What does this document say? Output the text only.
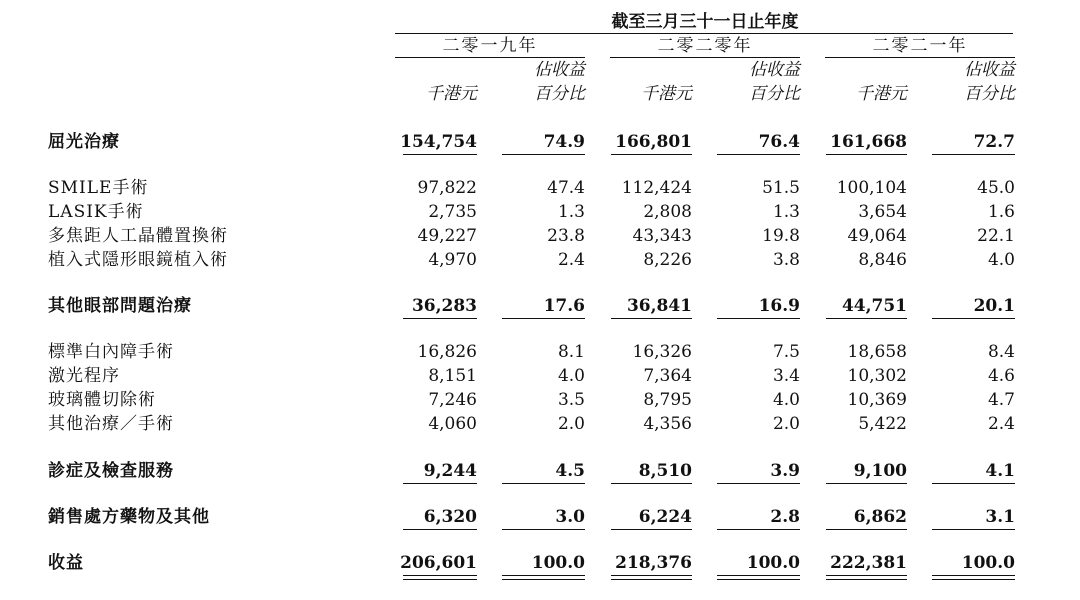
截至三月三十一日止年度
二零一九年	二零二零年	二零二一年
佔收益	佔收益	佔收益
千港元	百分比	千港元	百分比	千港元	百分比
屈光治療	154,754	74.9	166,801	76.4	161,668	72.7
SMILE手術	97,822	47.4	112,424	51.5	100,104	45.0
LASIK手術	2,735	1.3	2,808	1.3	3,654	1.6
多焦距人工晶體置換術	49,227	23.8	43,343	19.8	49,064	22.1
植入式隱形眼鏡植入術	4,970	2.4	8,226	3.8	8,846	4.0
其他眼部問題治療	36,283	17.6	36,841	16.9	44,751	20.1
標準白內障手術	16,826	8.1	16,326	7.5	18,658	8.4
激光程序	8,151	4.0	7,364	3.4	10,302	4.6
玻璃體切除術	7,246	3.5	8,795	4.0	10,369	4.7
其他治療／手術	4,060	2.0	4,356	2.0	5,422	2.4
診症及檢查服務	9,244	4.5	8,510	3.9	9,100	4.1
銷售處方藥物及其他	6,320	3.0	6,224	2.8	6,862	3.1
收益	206,601	100.0	218,376	100.0	222,381	100.0
